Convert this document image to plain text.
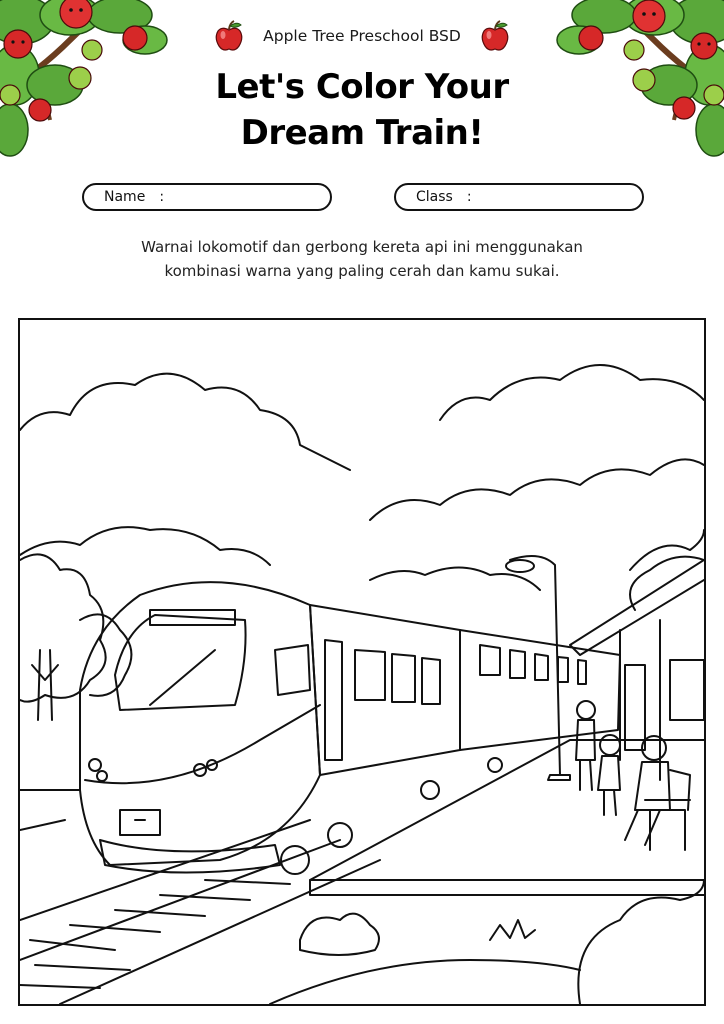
Apple Tree Preschool BSD
Let's Color Your
Dream Train!
Name :	Class :
Warnai lokomotif dan gerbong kereta api ini menggunakan
kombinasi warna yang paling cerah dan kamu sukai.
